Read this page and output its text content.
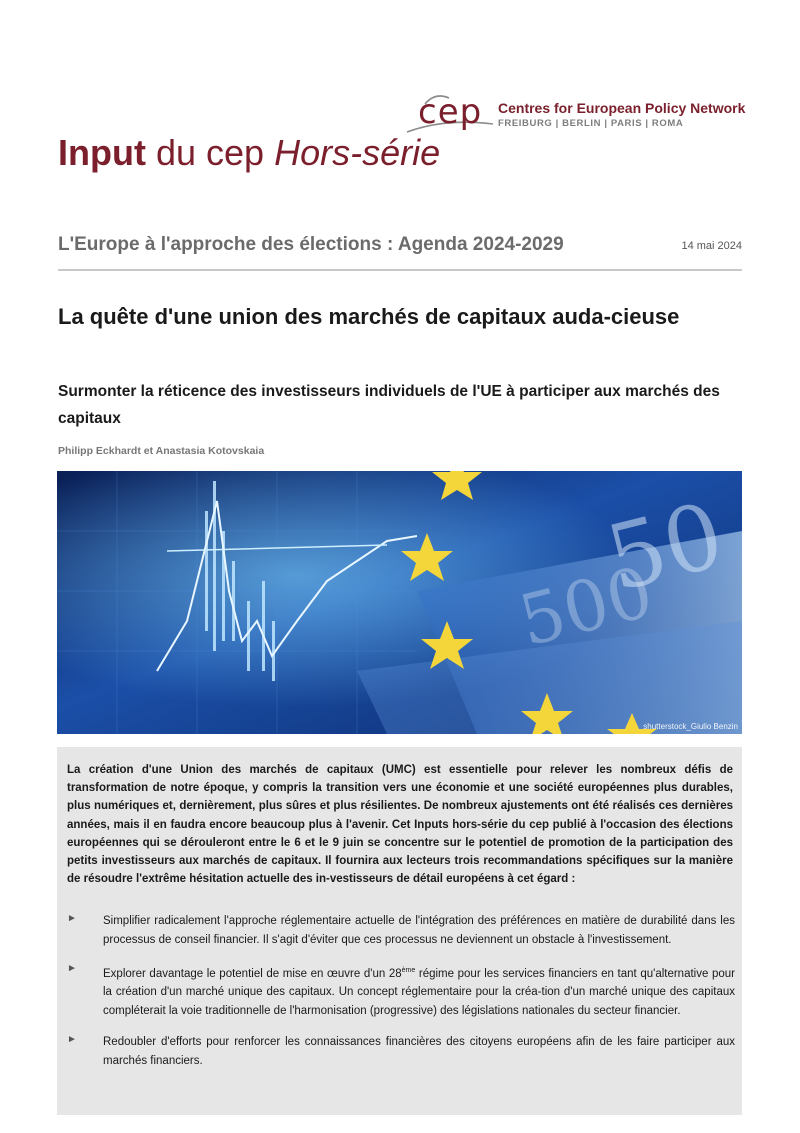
cep Centres for European Policy Network
FREIBURG | BERLIN | PARIS | ROMA
Input du cep Hors-série
L'Europe à l'approche des élections : Agenda 2024-2029	14 mai 2024
La quête d'une union des marchés de capitaux auda-cieuse
Surmonter la réticence des investisseurs individuels de l'UE à participer aux marchés des capitaux
Philipp Eckhardt et Anastasia Kotovskaia
50
500
shutterstock_Giulio Benzin
La création d'une Union des marchés de capitaux (UMC) est essentielle pour relever les nombreux défis de transformation de notre époque, y compris la transition vers une économie et une société européennes plus durables, plus numériques et, dernièrement, plus sûres et plus résilientes. De nombreux ajustements ont été réalisés ces dernières années, mais il en faudra encore beaucoup plus à l'avenir. Cet Inputs hors-série du cep publié à l'occasion des élections européennes qui se dérouleront entre le 6 et le 9 juin se concentre sur le potentiel de promotion de la participation des petits investisseurs aux marchés de capitaux. Il fournira aux lecteurs trois recommandations spécifiques sur la manière de résoudre l'extrême hésitation actuelle des in-vestisseurs de détail européens à cet égard :
► Simplifier radicalement l'approche réglementaire actuelle de l'intégration des préférences en matière de durabilité dans les processus de conseil financier. Il s'agit d'éviter que ces processus ne deviennent un obstacle à l'investissement.
► Explorer davantage le potentiel de mise en œuvre d'un 28ème régime pour les services financiers en tant qu'alternative pour la création d'un marché unique des capitaux. Un concept réglementaire pour la créa-tion d'un marché unique des capitaux compléterait la voie traditionnelle de l'harmonisation (progressive) des législations nationales du secteur financier.
► Redoubler d'efforts pour renforcer les connaissances financières des citoyens européens afin de les faire participer aux marchés financiers.
